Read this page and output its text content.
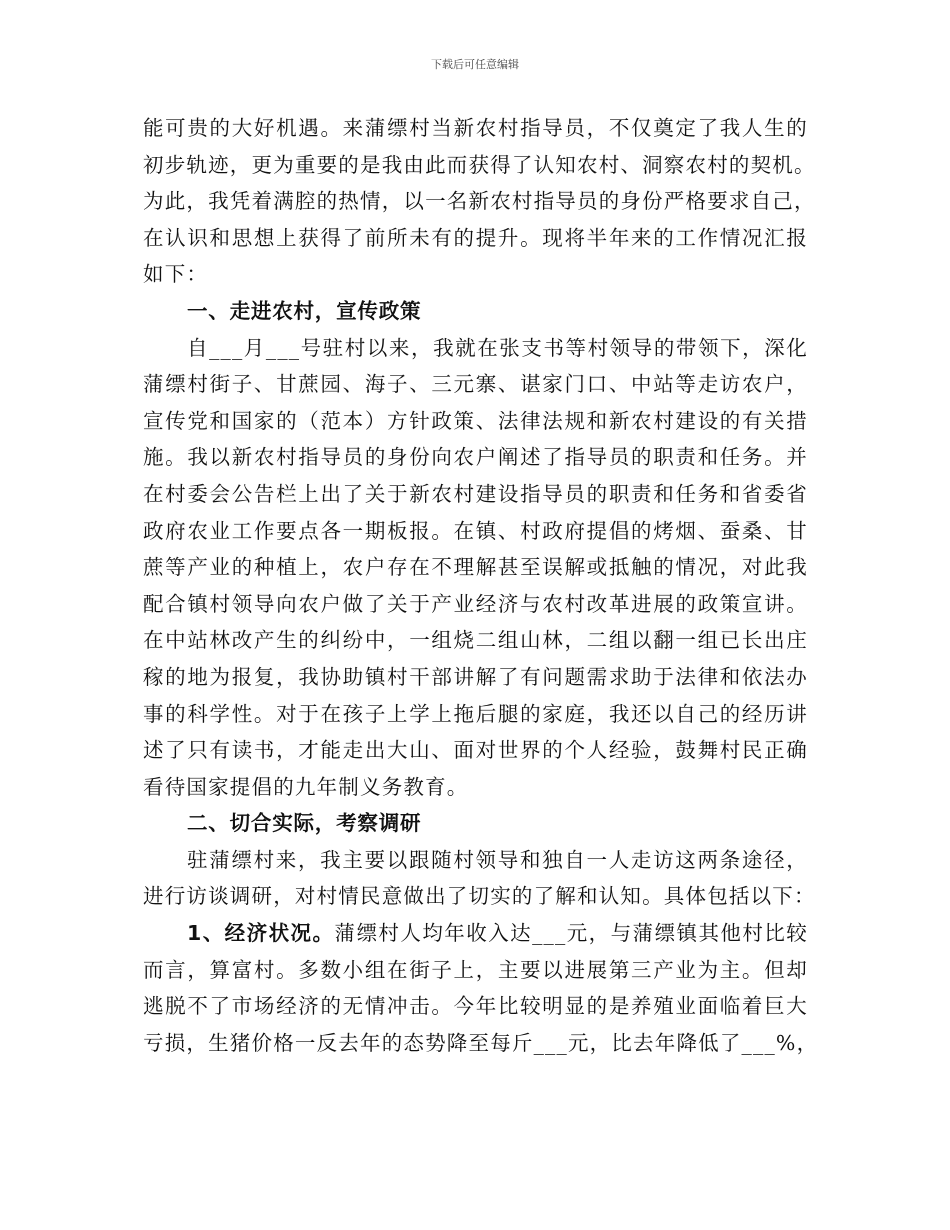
下载后可任意编辑
能可贵的大好机遇。来蒲缥村当新农村指导员，不仅奠定了我人生的
初步轨迹，更为重要的是我由此而获得了认知农村、洞察农村的契机。
为此，我凭着满腔的热情，以一名新农村指导员的身份严格要求自己，
在认识和思想上获得了前所未有的提升。现将半年来的工作情况汇报
如下：
一、走进农村，宣传政策
自___月___号驻村以来，我就在张支书等村领导的带领下，深化
蒲缥村街子、甘蔗园、海子、三元寨、谌家门口、中站等走访农户，
宣传党和国家的（范本）方针政策、法律法规和新农村建设的有关措
施。我以新农村指导员的身份向农户阐述了指导员的职责和任务。并
在村委会公告栏上出了关于新农村建设指导员的职责和任务和省委省
政府农业工作要点各一期板报。在镇、村政府提倡的烤烟、蚕桑、甘
蔗等产业的种植上，农户存在不理解甚至误解或抵触的情况，对此我
配合镇村领导向农户做了关于产业经济与农村改革进展的政策宣讲。
在中站林改产生的纠纷中，一组烧二组山林，二组以翻一组已长出庄
稼的地为报复，我协助镇村干部讲解了有问题需求助于法律和依法办
事的科学性。对于在孩子上学上拖后腿的家庭，我还以自己的经历讲
述了只有读书，才能走出大山、面对世界的个人经验，鼓舞村民正确
看待国家提倡的九年制义务教育。
二、切合实际，考察调研
驻蒲缥村来，我主要以跟随村领导和独自一人走访这两条途径，
进行访谈调研，对村情民意做出了切实的了解和认知。具体包括以下：
1、经济状况。蒲缥村人均年收入达___元，与蒲缥镇其他村比较
而言，算富村。多数小组在街子上，主要以进展第三产业为主。但却
逃脱不了市场经济的无情冲击。今年比较明显的是养殖业面临着巨大
亏损，生猪价格一反去年的态势降至每斤___元，比去年降低了___%，
